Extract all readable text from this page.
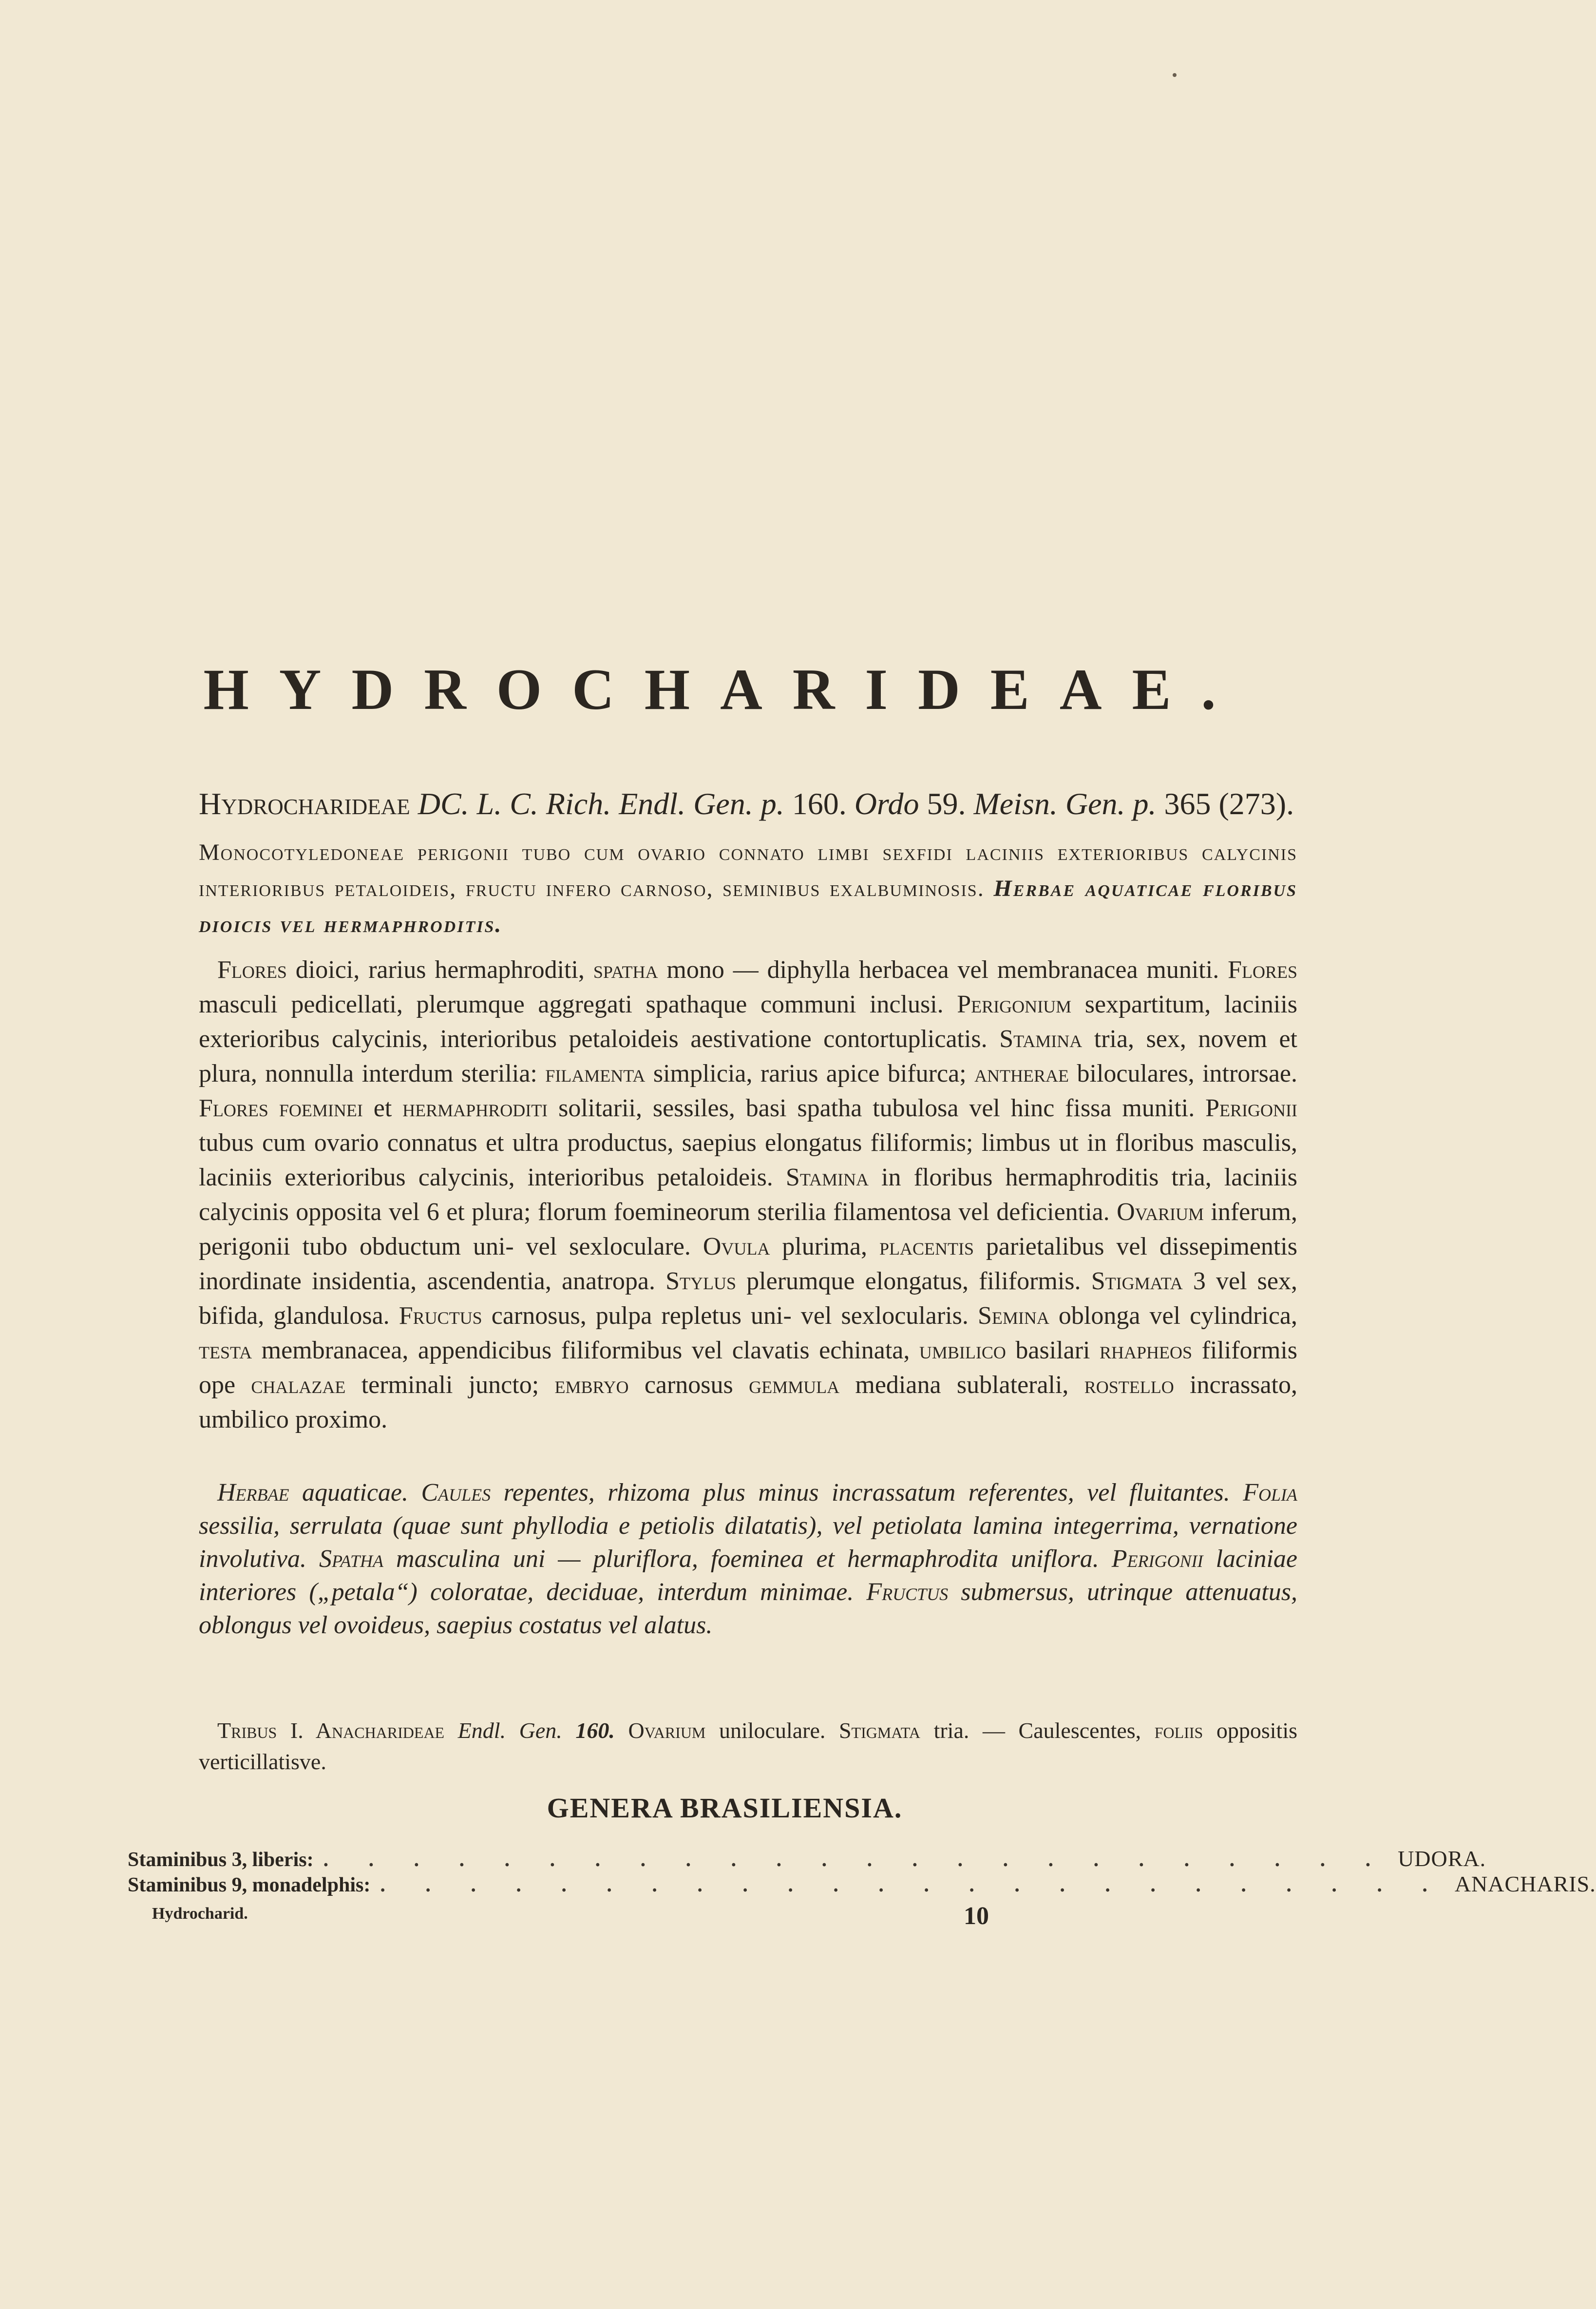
HYDROCHARIDEAE.

Hydrocharideae DC. L. C. Rich. Endl. Gen. p. 160. Ordo 59. Meisn. Gen. p. 365 (273).

Monocotyledoneae perigonii tubo cum ovario connato limbi sexfidi laciniis exterioribus calycinis interioribus petaloideis, fructu infero carnoso, seminibus exalbuminosis. Herbae aquaticae floribus dioicis vel hermaphroditis.

Flores dioici, rarius hermaphroditi, spatha mono — diphylla herbacea vel membranacea muniti. Flores masculi pedicellati, plerumque aggregati spathaque communi inclusi. Perigonium sexpartitum, laciniis exterioribus calycinis, interioribus petaloideis aestivatione contortuplicatis. Stamina tria, sex, novem et plura, nonnulla interdum sterilia: filamenta simplicia, rarius apice bifurca; antherae biloculares, introrsae. Flores foeminei et hermaphroditi solitarii, sessiles, basi spatha tubulosa vel hinc fissa muniti. Perigonii tubus cum ovario connatus et ultra productus, saepius elongatus filiformis; limbus ut in floribus masculis, laciniis exterioribus calycinis, interioribus petaloideis. Stamina in floribus hermaphroditis tria, laciniis calycinis opposita vel 6 et plura; florum foemineorum sterilia filamentosa vel deficientia. Ovarium inferum, perigonii tubo obductum uni- vel sexloculare. Ovula plurima, placentis parietalibus vel dissepimentis inordinate insidentia, ascendentia, anatropa. Stylus plerumque elongatus, filiformis. Stigmata 3 vel sex, bifida, glandulosa. Fructus carnosus, pulpa repletus uni- vel sexlocularis. Semina oblonga vel cylindrica, testa membranacea, appendicibus filiformibus vel clavatis echinata, umbilico basilari rhapheos filiformis ope chalazae terminali juncto; embryo carnosus gemmula mediana sublaterali, rostello incrassato, umbilico proximo.

Herbae aquaticae. Caules repentes, rhizoma plus minus incrassatum referentes, vel fluitantes. Folia sessilia, serrulata (quae sunt phyllodia e petiolis dilatatis), vel petiolata lamina integerrima, vernatione involutiva. Spatha masculina uni — pluriflora, foeminea et hermaphrodita uniflora. Perigonii laciniae interiores („petala“) coloratae, deciduae, interdum minimae. Fructus submersus, utrinque attenuatus, oblongus vel ovoideus, saepius costatus vel alatus.

Tribus I. Anacharideae Endl. Gen. 160. Ovarium uniloculare. Stigmata tria. — Caulescentes, foliis oppositis verticillatisve.

GENERA BRASILIENSIA.
Staminibus 3, liberis: . . . . . . . . . . . . . . . . . . . . . . . . UDORA.
Staminibus 9, monadelphis: . . . . . . . . . . . . . . . . . . . . . . . . ANACHARIS.
Hydrocharid.	10
